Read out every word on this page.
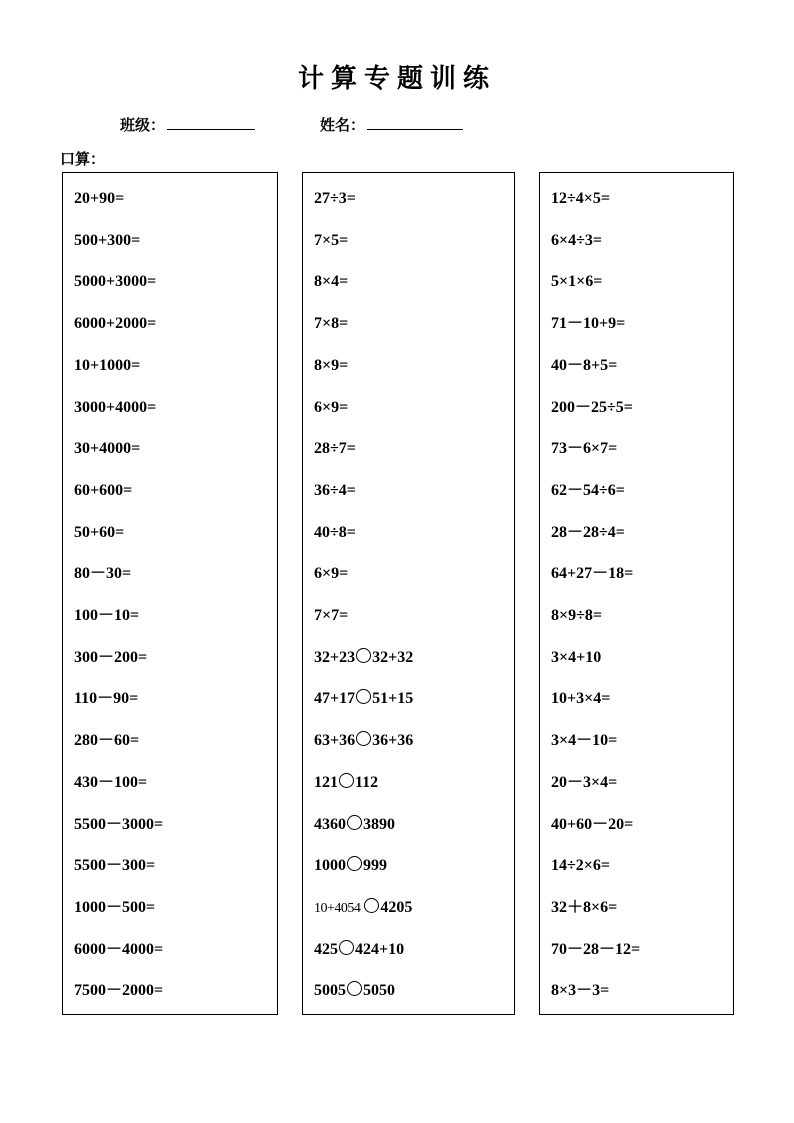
计算专题训练
班级：	姓名：
口算：
20+90=
500+300=
5000+3000=
6000+2000=
10+1000=
3000+4000=
30+4000=
60+600=
50+60=
80－30=
100－10=
300－200=
110－90=
280－60=
430－100=
5500－3000=
5500－300=
1000－500=
6000－4000=
7500－2000=
27÷3=
7×5=
8×4=
7×8=
8×9=
6×9=
28÷7=
36÷4=
40÷8=
6×9=
7×7=
32+23 32+32
47+17 51+15
63+36 36+36
121 112
4360 3890
1000 999
10+4054 4205
425 424+10
5005 5050
12÷4×5=
6×4÷3=
5×1×6=
71－10+9=
40－8+5=
200－25÷5=
73－6×7=
62－54÷6=
28－28÷4=
64+27－18=
8×9÷8=
3×4+10
10+3×4=
3×4－10=
20－3×4=
40+60－20=
14÷2×6=
32＋8×6=
70－28－12=
8×3－3=
